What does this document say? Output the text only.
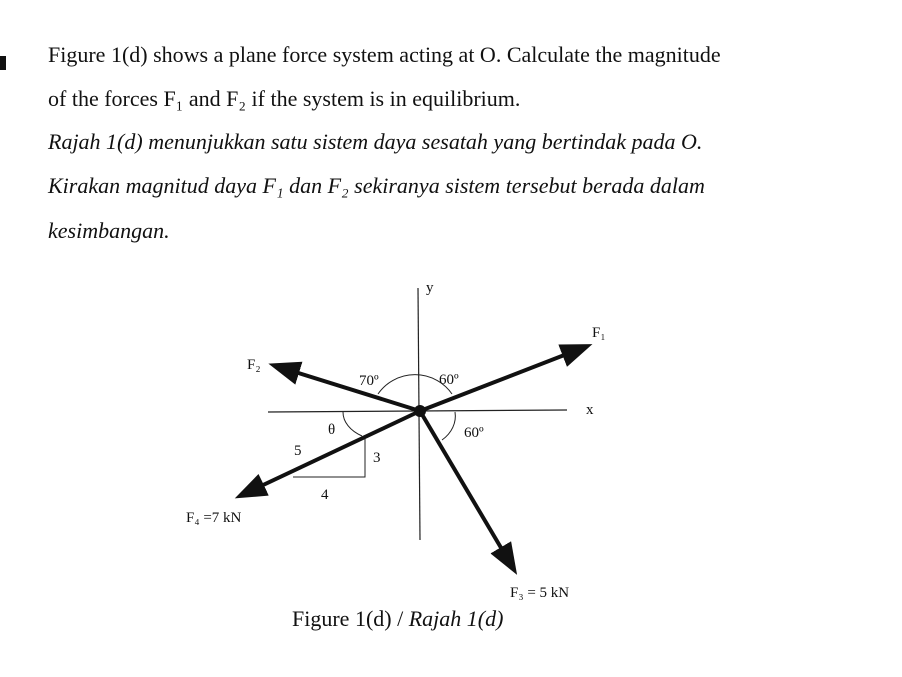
Figure 1(d) shows a plane force system acting at O. Calculate the magnitude
of the forces F₁ and F₂ if the system is in equilibrium.
Rajah 1(d) menunjukkan satu sistem daya sesatah yang bertindak pada O.
Kirakan magnitud daya F₁ dan F₂ sekiranya sistem tersebut berada dalam
kesimbangan.
y
x
F₁
F₂
F₃ = 5 kN
F₄ =7 kN
70º	60º
60º
θ
5	3
4
Figure 1(d) / Rajah 1(d)
